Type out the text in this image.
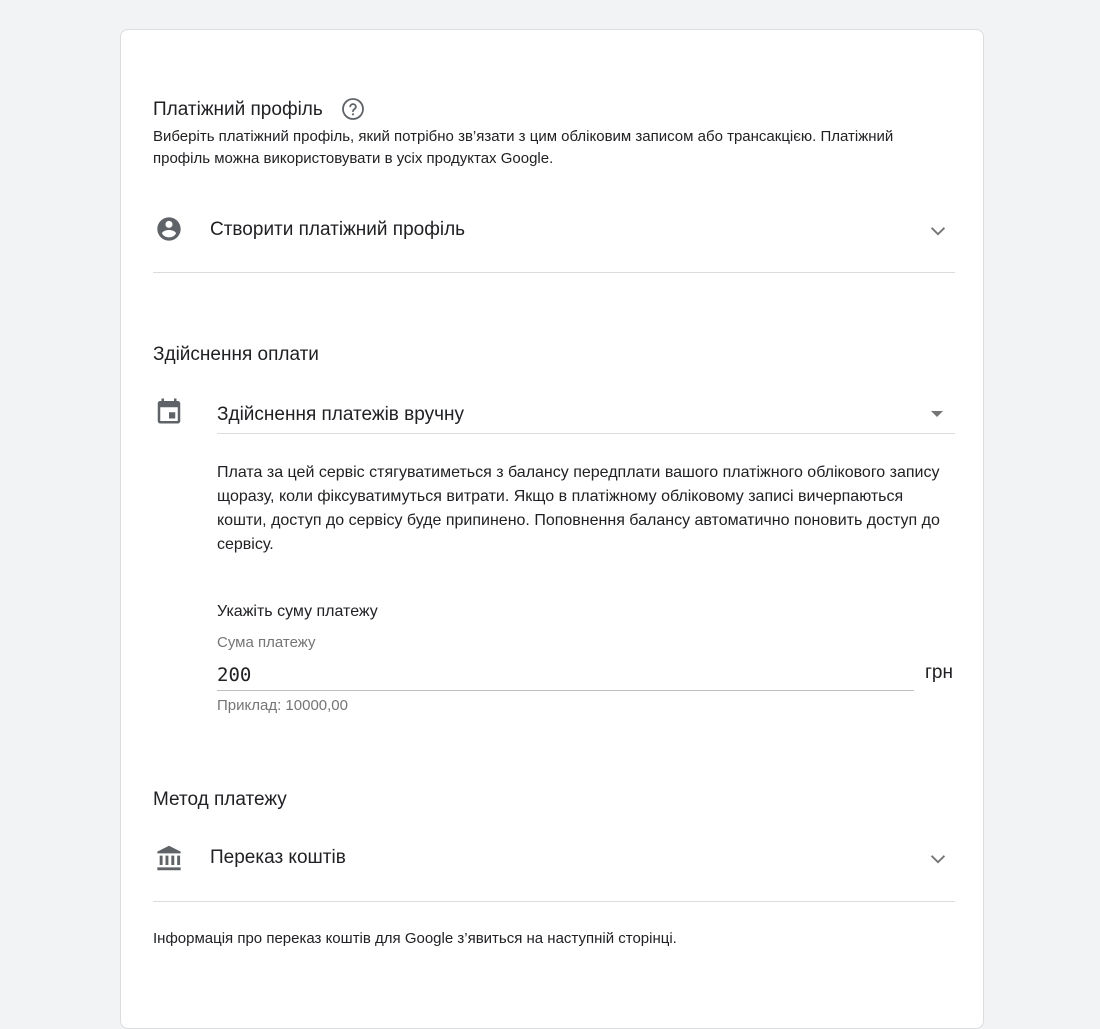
Платіжний профіль
Виберіть платіжний профіль, який потрібно зв’язати з цим обліковим записом або трансакцією. Платіжний профіль можна використовувати в усіх продуктах Google.
Створити платіжний профіль
Здійснення оплати
Здійснення платежів вручну
Плата за цей сервіс стягуватиметься з балансу передплати вашого платіжного облікового запису щоразу, коли фіксуватимуться витрати. Якщо в платіжному обліковому записі вичерпаються кошти, доступ до сервісу буде припинено. Поповнення балансу автоматично поновить доступ до сервісу.
Укажіть суму платежу
Сума платежу
200
грн
Приклад: 10000,00
Метод платежу
Переказ коштів
Інформація про переказ коштів для Google з’явиться на наступній сторінці.
